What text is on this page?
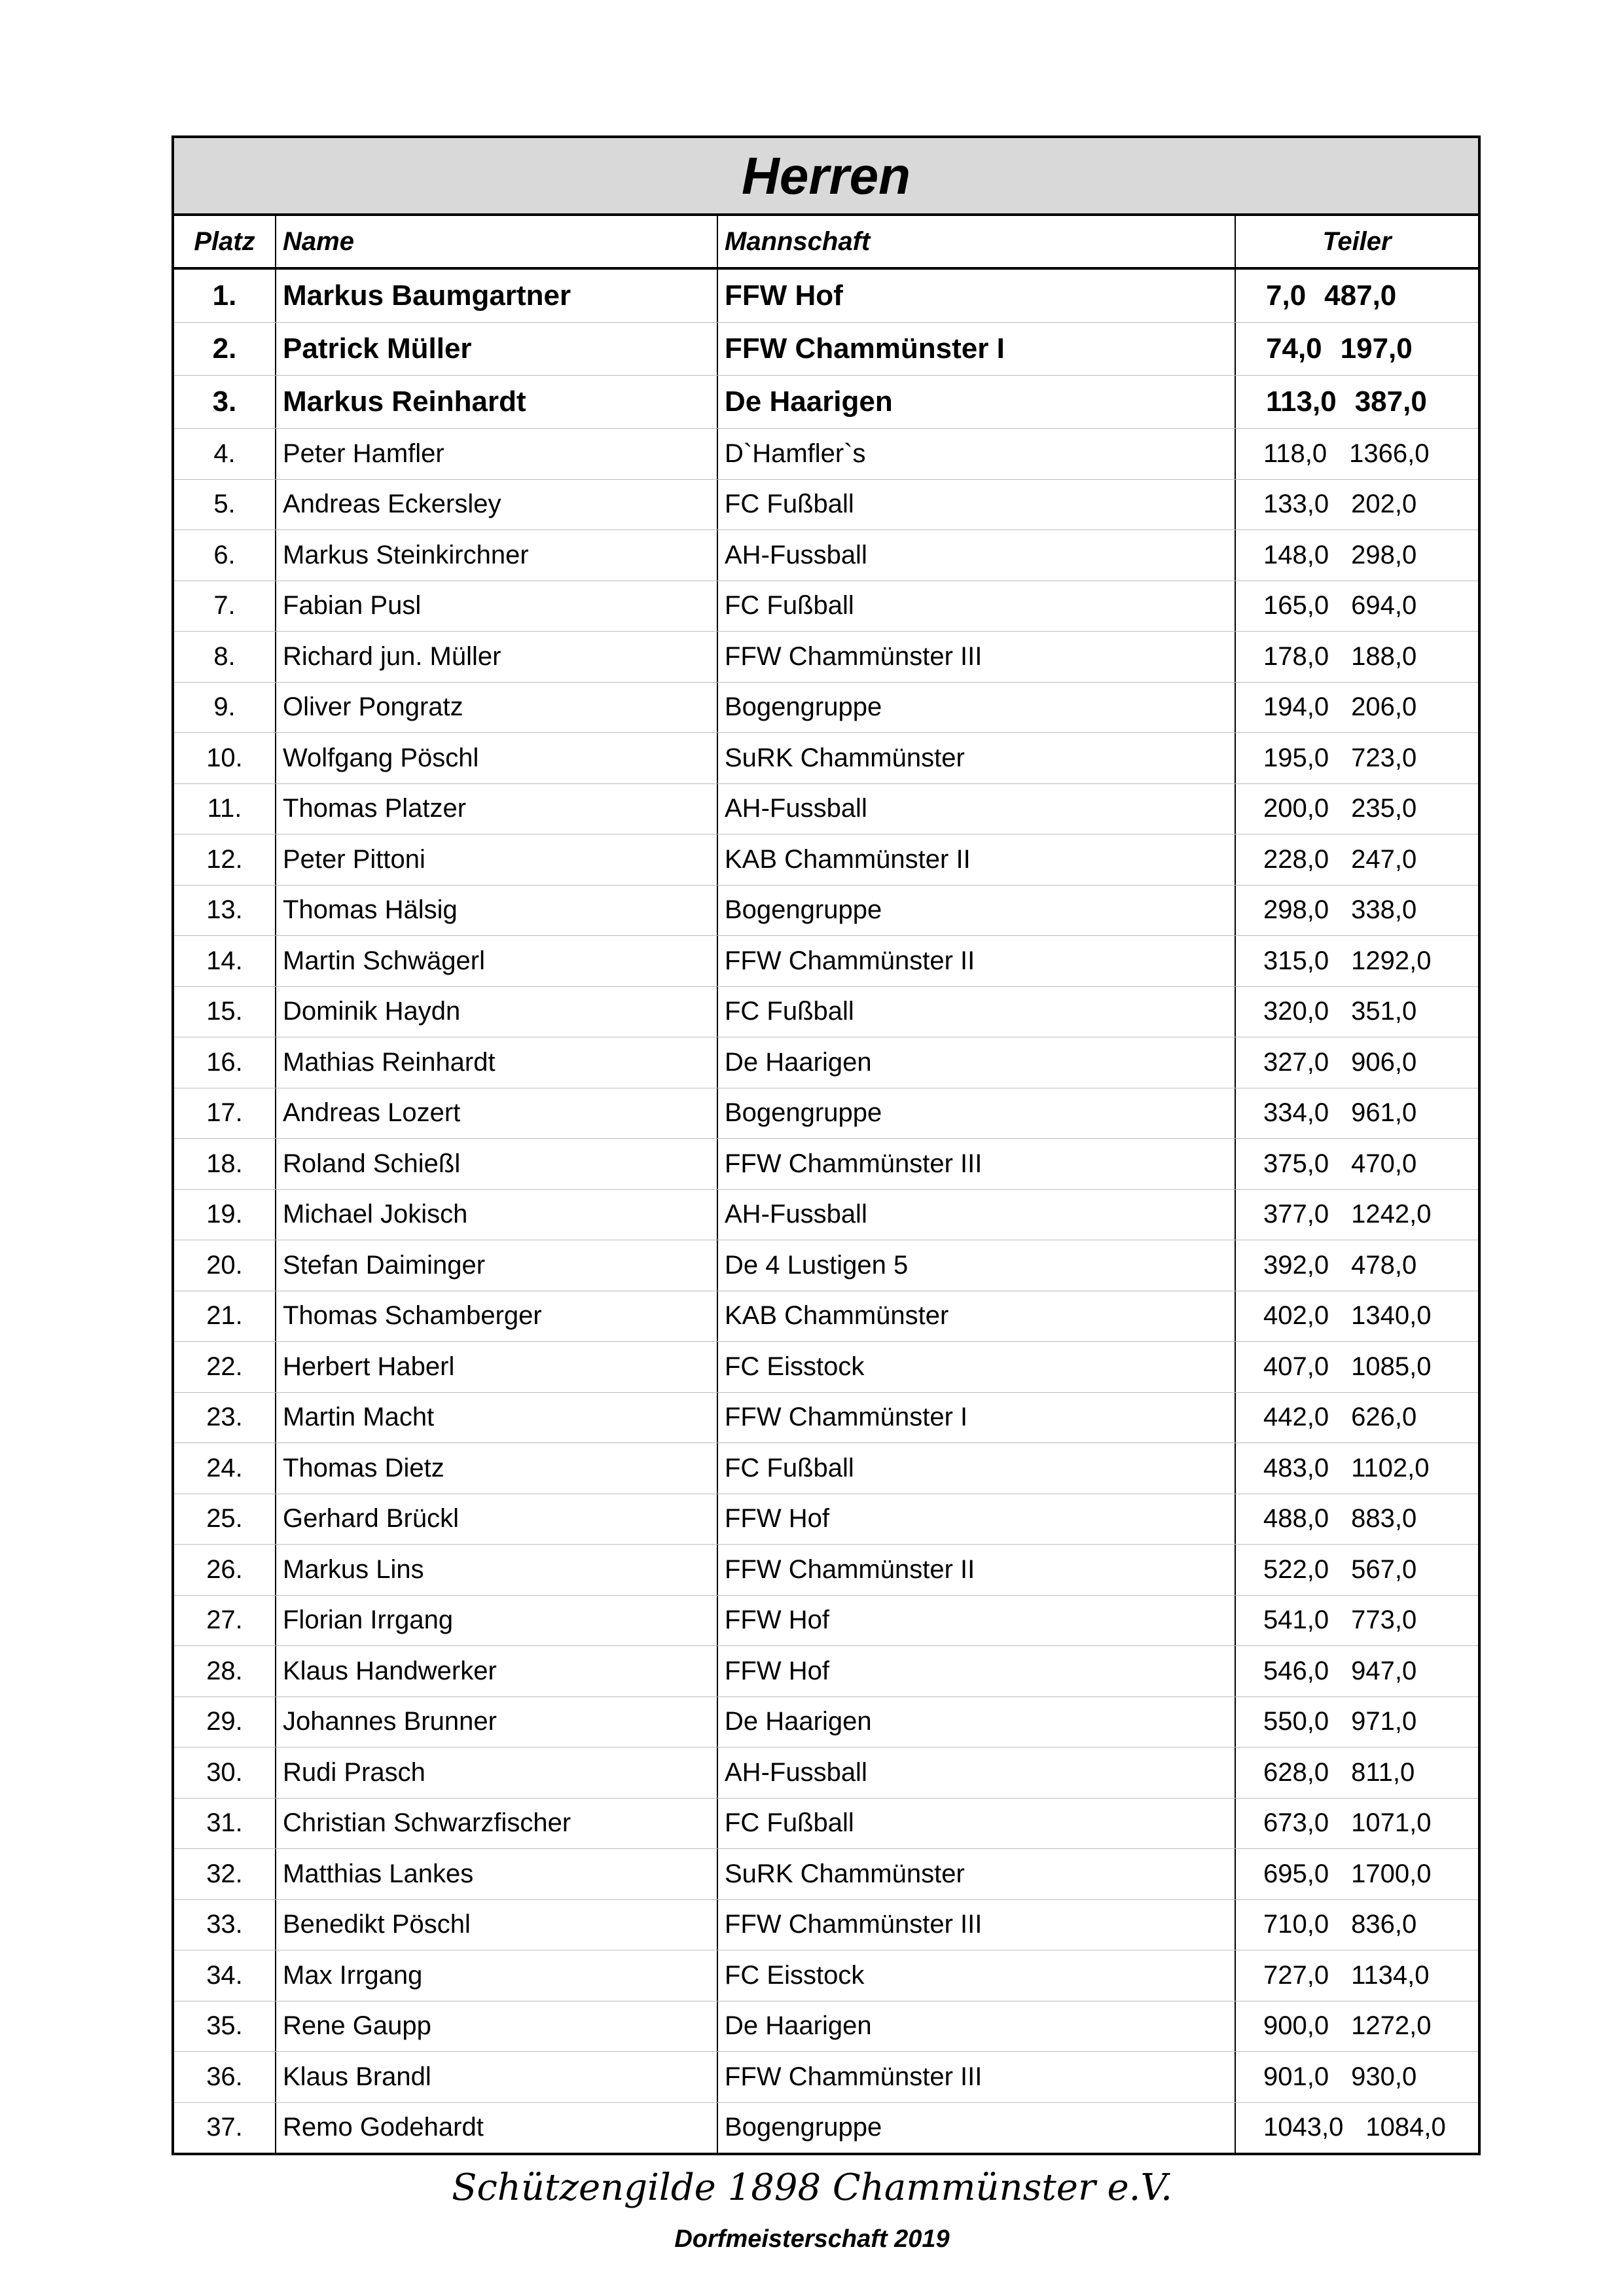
Herren
Platz	Name	Mannschaft	Teiler
1.	Markus Baumgartner	FFW Hof	7,0 487,0
2.	Patrick Müller	FFW Chammünster I	74,0 197,0
3.	Markus Reinhardt	De Haarigen	113,0 387,0
4.	Peter Hamfler	D`Hamfler`s	118,0 1366,0
5.	Andreas Eckersley	FC Fußball	133,0 202,0
6.	Markus Steinkirchner	AH-Fussball	148,0 298,0
7.	Fabian Pusl	FC Fußball	165,0 694,0
8.	Richard jun. Müller	FFW Chammünster III	178,0 188,0
9.	Oliver Pongratz	Bogengruppe	194,0 206,0
10.	Wolfgang Pöschl	SuRK Chammünster	195,0 723,0
11.	Thomas Platzer	AH-Fussball	200,0 235,0
12.	Peter Pittoni	KAB Chammünster II	228,0 247,0
13.	Thomas Hälsig	Bogengruppe	298,0 338,0
14.	Martin Schwägerl	FFW Chammünster II	315,0 1292,0
15.	Dominik Haydn	FC Fußball	320,0 351,0
16.	Mathias Reinhardt	De Haarigen	327,0 906,0
17.	Andreas Lozert	Bogengruppe	334,0 961,0
18.	Roland Schießl	FFW Chammünster III	375,0 470,0
19.	Michael Jokisch	AH-Fussball	377,0 1242,0
20.	Stefan Daiminger	De 4 Lustigen 5	392,0 478,0
21.	Thomas Schamberger	KAB Chammünster	402,0 1340,0
22.	Herbert Haberl	FC Eisstock	407,0 1085,0
23.	Martin Macht	FFW Chammünster I	442,0 626,0
24.	Thomas Dietz	FC Fußball	483,0 1102,0
25.	Gerhard Brückl	FFW Hof	488,0 883,0
26.	Markus Lins	FFW Chammünster II	522,0 567,0
27.	Florian Irrgang	FFW Hof	541,0 773,0
28.	Klaus Handwerker	FFW Hof	546,0 947,0
29.	Johannes Brunner	De Haarigen	550,0 971,0
30.	Rudi Prasch	AH-Fussball	628,0 811,0
31.	Christian Schwarzfischer	FC Fußball	673,0 1071,0
32.	Matthias Lankes	SuRK Chammünster	695,0 1700,0
33.	Benedikt Pöschl	FFW Chammünster III	710,0 836,0
34.	Max Irrgang	FC Eisstock	727,0 1134,0
35.	Rene Gaupp	De Haarigen	900,0 1272,0
36.	Klaus Brandl	FFW Chammünster III	901,0 930,0
37.	Remo Godehardt	Bogengruppe	1043,0 1084,0
Schützengilde 1898 Chammünster e.V.
Dorfmeisterschaft 2019
